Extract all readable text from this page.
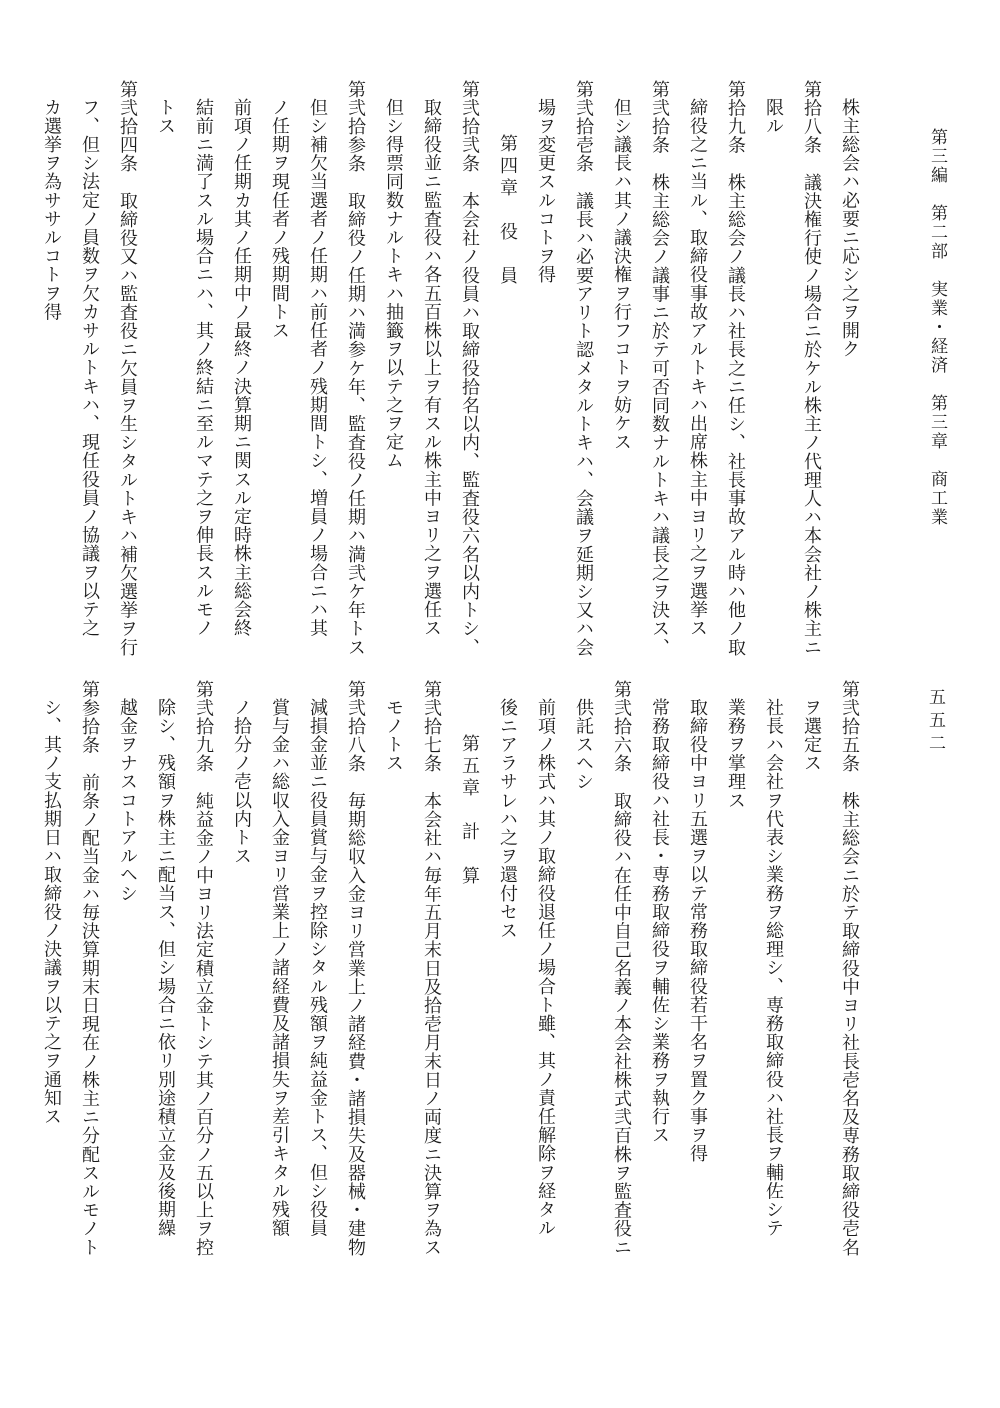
第三編　第二部　実業・経済　第三章　商工業
五五二
株主総会ハ必要ニ応シ之ヲ開ク
第拾八条　議決権行使ノ場合ニ於ケル株主ノ代理人ハ本会社ノ株主ニ
限ル
第拾九条　株主総会ノ議長ハ社長之ニ任シ、社長事故アル時ハ他ノ取
締役之ニ当ル、取締役事故アルトキハ出席株主中ヨリ之ヲ選挙ス
第弐拾条　株主総会ノ議事ニ於テ可否同数ナルトキハ議長之ヲ決ス、
但シ議長ハ其ノ議決権ヲ行フコトヲ妨ケス
第弐拾壱条　議長ハ必要アリト認メタルトキハ、会議ヲ延期シ又ハ会
場ヲ変更スルコトヲ得
第四章　役　員
第弐拾弐条　本会社ノ役員ハ取締役拾名以内、監査役六名以内トシ、
取締役並ニ監査役ハ各五百株以上ヲ有スル株主中ヨリ之ヲ選任ス
但シ得票同数ナルトキハ抽籤ヲ以テ之ヲ定ム
第弐拾参条　取締役ノ任期ハ満参ケ年、監査役ノ任期ハ満弐ケ年トス
但シ補欠当選者ノ任期ハ前任者ノ残期間トシ、増員ノ場合ニハ其
ノ任期ヲ現任者ノ残期間トス
前項ノ任期カ其ノ任期中ノ最終ノ決算期ニ関スル定時株主総会終
結前ニ満了スル場合ニハ、其ノ終結ニ至ルマテ之ヲ伸長スルモノ
トス
第弐拾四条　取締役又ハ監査役ニ欠員ヲ生シタルトキハ補欠選挙ヲ行
フ、但シ法定ノ員数ヲ欠カサルトキハ、現任役員ノ協議ヲ以テ之
カ選挙ヲ為ササルコトヲ得
第弐拾五条　株主総会ニ於テ取締役中ヨリ社長壱名及専務取締役壱名
ヲ選定ス
社長ハ会社ヲ代表シ業務ヲ総理シ、専務取締役ハ社長ヲ輔佐シテ
業務ヲ掌理ス
取締役中ヨリ五選ヲ以テ常務取締役若干名ヲ置ク事ヲ得
常務取締役ハ社長・専務取締役ヲ輔佐シ業務ヲ執行ス
第弐拾六条　取締役ハ在任中自己名義ノ本会社株式弐百株ヲ監査役ニ
供託スヘシ
前項ノ株式ハ其ノ取締役退任ノ場合ト雖、其ノ責任解除ヲ経タル
後ニアラサレハ之ヲ還付セス
第五章　計　算
第弐拾七条　本会社ハ毎年五月末日及拾壱月末日ノ両度ニ決算ヲ為ス
モノトス
第弐拾八条　毎期総収入金ヨリ営業上ノ諸経費・諸損失及器械・建物
減損金並ニ役員賞与金ヲ控除シタル残額ヲ純益金トス、但シ役員
賞与金ハ総収入金ヨリ営業上ノ諸経費及諸損失ヲ差引キタル残額
ノ拾分ノ壱以内トス
第弐拾九条　純益金ノ中ヨリ法定積立金トシテ其ノ百分ノ五以上ヲ控
除シ、残額ヲ株主ニ配当ス、但シ場合ニ依リ別途積立金及後期繰
越金ヲナスコトアルヘシ
第参拾条　前条ノ配当金ハ毎決算期末日現在ノ株主ニ分配スルモノト
シ、其ノ支払期日ハ取締役ノ決議ヲ以テ之ヲ通知ス
